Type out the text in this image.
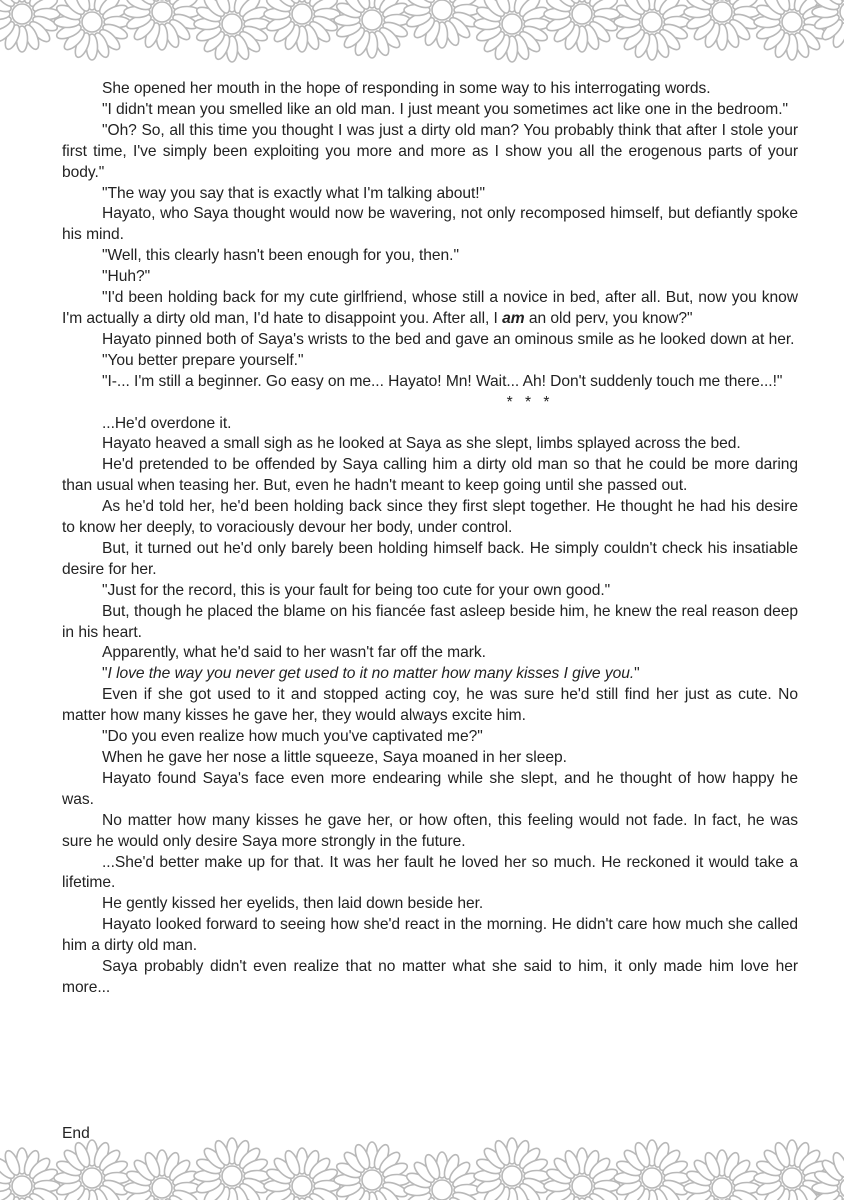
She opened her mouth in the hope of responding in some way to his interrogating words.

"I didn't mean you smelled like an old man. I just meant you sometimes act like one in the bedroom."

"Oh? So, all this time you thought I was just a dirty old man? You probably think that after I stole your first time, I've simply been exploiting you more and more as I show you all the erogenous parts of your body."

"The way you say that is exactly what I'm talking about!"

Hayato, who Saya thought would now be wavering, not only recomposed himself, but defiantly spoke his mind.

"Well, this clearly hasn't been enough for you, then."

"Huh?"

"I'd been holding back for my cute girlfriend, whose still a novice in bed, after all. But, now you know I'm actually a dirty old man, I'd hate to disappoint you. After all, I am an old perv, you know?"

Hayato pinned both of Saya's wrists to the bed and gave an ominous smile as he looked down at her.

"You better prepare yourself."

"I-... I'm still a beginner. Go easy on me... Hayato! Mn! Wait... Ah! Don't suddenly touch me there...!"

* * *

...He'd overdone it.

Hayato heaved a small sigh as he looked at Saya as she slept, limbs splayed across the bed.

He'd pretended to be offended by Saya calling him a dirty old man so that he could be more daring than usual when teasing her. But, even he hadn't meant to keep going until she passed out.

As he'd told her, he'd been holding back since they first slept together. He thought he had his desire to know her deeply, to voraciously devour her body, under control.

But, it turned out he'd only barely been holding himself back. He simply couldn't check his insatiable desire for her.

"Just for the record, this is your fault for being too cute for your own good."

But, though he placed the blame on his fiancée fast asleep beside him, he knew the real reason deep in his heart.

Apparently, what he'd said to her wasn't far off the mark.

"I love the way you never get used to it no matter how many kisses I give you."

Even if she got used to it and stopped acting coy, he was sure he'd still find her just as cute. No matter how many kisses he gave her, they would always excite him.

"Do you even realize how much you've captivated me?"

When he gave her nose a little squeeze, Saya moaned in her sleep.

Hayato found Saya's face even more endearing while she slept, and he thought of how happy he was.

No matter how many kisses he gave her, or how often, this feeling would not fade. In fact, he was sure he would only desire Saya more strongly in the future.

...She'd better make up for that. It was her fault he loved her so much. He reckoned it would take a lifetime.

He gently kissed her eyelids, then laid down beside her.

Hayato looked forward to seeing how she'd react in the morning. He didn't care how much she called him a dirty old man.

Saya probably didn't even realize that no matter what she said to him, it only made him love her more...

End
